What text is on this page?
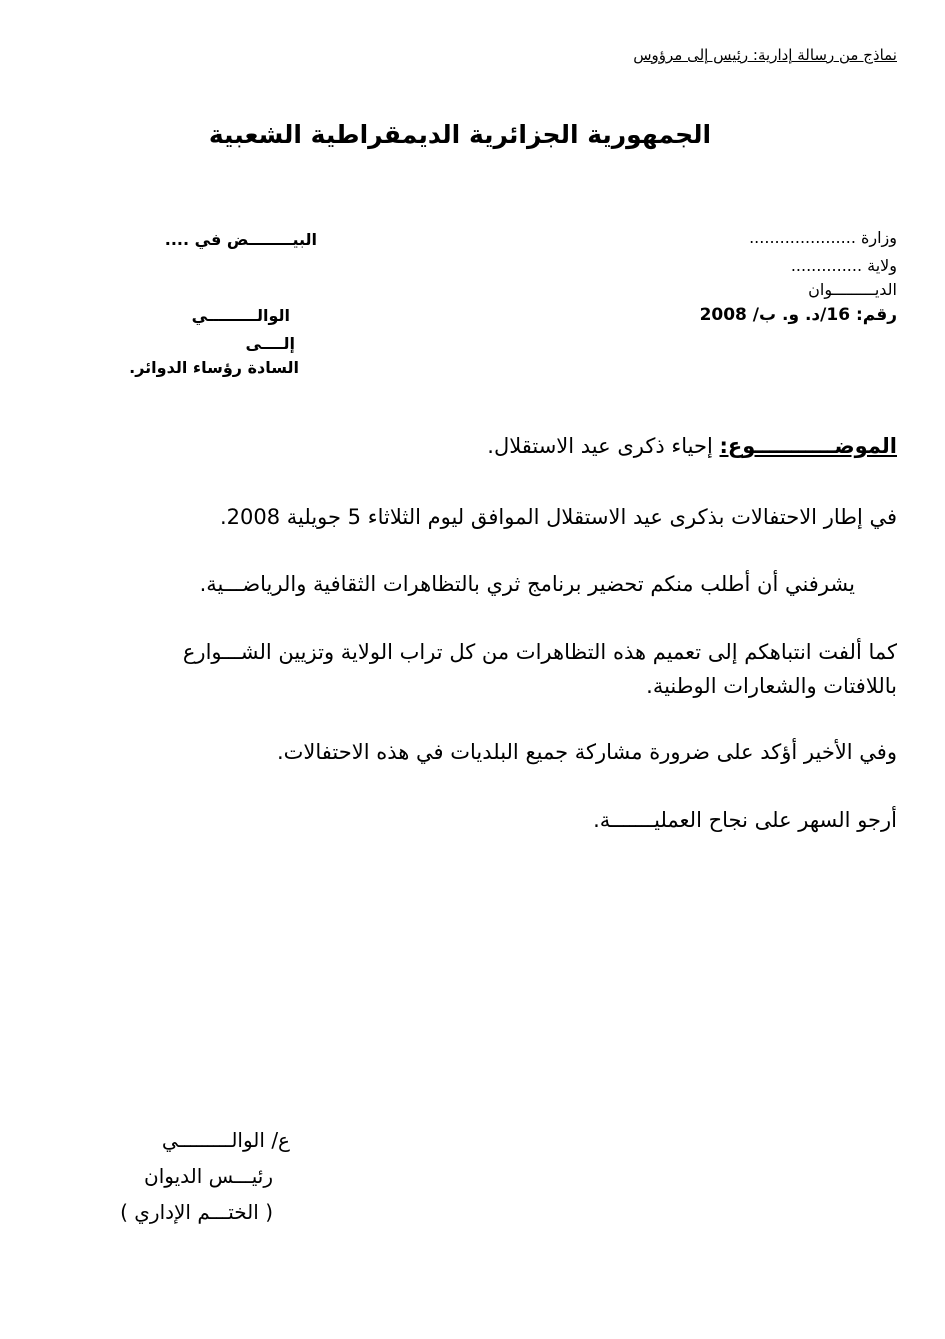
نماذج من رسالة إدارية: رئيس إلى مرؤوس
الجمهورية الجزائرية الديمقراطية الشعبية
وزارة .....................
ولاية ..............
الديـــــــــوان
رقم: 16/د. و. ب/ 2008
البيــــــــض في ....
الوالـــــــــي
إلــــى
السادة رؤساء الدوائر.
الموضـــــــــــوع: إحياء ذكرى عيد الاستقلال.
في إطار الاحتفالات بذكرى عيد الاستقلال الموافق ليوم الثلاثاء 5 جويلية 2008.
يشرفني أن أطلب منكم تحضير برنامج ثري بالتظاهرات الثقافية والرياضـــية.
كما ألفت انتباهكم إلى تعميم هذه التظاهرات من كل تراب الولاية وتزيين الشـــوارع
باللافتات والشعارات الوطنية.
وفي الأخير أؤكد على ضرورة مشاركة جميع البلديات في هذه الاحتفالات.
أرجو السهر على نجاح العمليـــــــة.
ع/ الوالـــــــــي
رئيـــس الديوان
( الختـــم الإداري )
